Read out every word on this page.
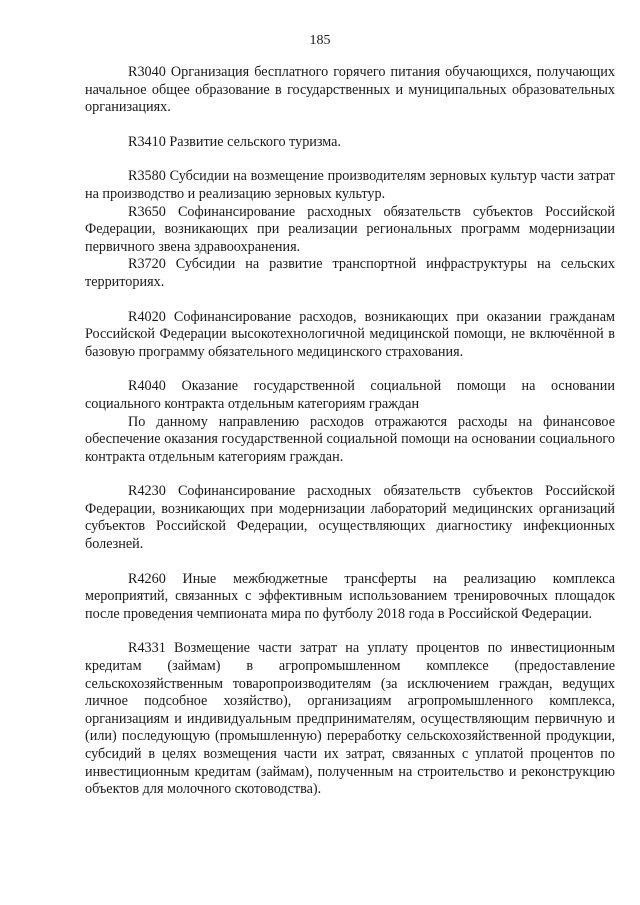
185

R3040 Организация бесплатного горячего питания обучающихся, получающих начальное общее образование в государственных и муниципальных образовательных организациях.

R3410 Развитие сельского туризма.

R3580 Субсидии на возмещение производителям зерновых культур части затрат на производство и реализацию зерновых культур.

R3650 Софинансирование расходных обязательств субъектов Российской Федерации, возникающих при реализации региональных программ модернизации первичного звена здравоохранения.

R3720 Субсидии на развитие транспортной инфраструктуры на сельских территориях.

R4020 Софинансирование расходов, возникающих при оказании гражданам Российской Федерации высокотехнологичной медицинской помощи, не включённой в базовую программу обязательного медицинского страхования.

R4040 Оказание государственной социальной помощи на основании социального контракта отдельным категориям граждан

По данному направлению расходов отражаются расходы на финансовое обеспечение оказания государственной социальной помощи на основании социального контракта отдельным категориям граждан.

R4230 Софинансирование расходных обязательств субъектов Российской Федерации, возникающих при модернизации лабораторий медицинских организаций субъектов Российской Федерации, осуществляющих диагностику инфекционных болезней.

R4260 Иные межбюджетные трансферты на реализацию комплекса мероприятий, связанных с эффективным использованием тренировочных площадок после проведения чемпионата мира по футболу 2018 года в Российской Федерации.

R4331 Возмещение части затрат на уплату процентов по инвестиционным кредитам (займам) в агропромышленном комплексе (предоставление сельскохозяйственным товаропроизводителям (за исключением граждан, ведущих личное подсобное хозяйство), организациям агропромышленного комплекса, организациям и индивидуальным предпринимателям, осуществляющим первичную и (или) последующую (промышленную) переработку сельскохозяйственной продукции, субсидий в целях возмещения части их затрат, связанных с уплатой процентов по инвестиционным кредитам (займам), полученным на строительство и реконструкцию объектов для молочного скотоводства).
